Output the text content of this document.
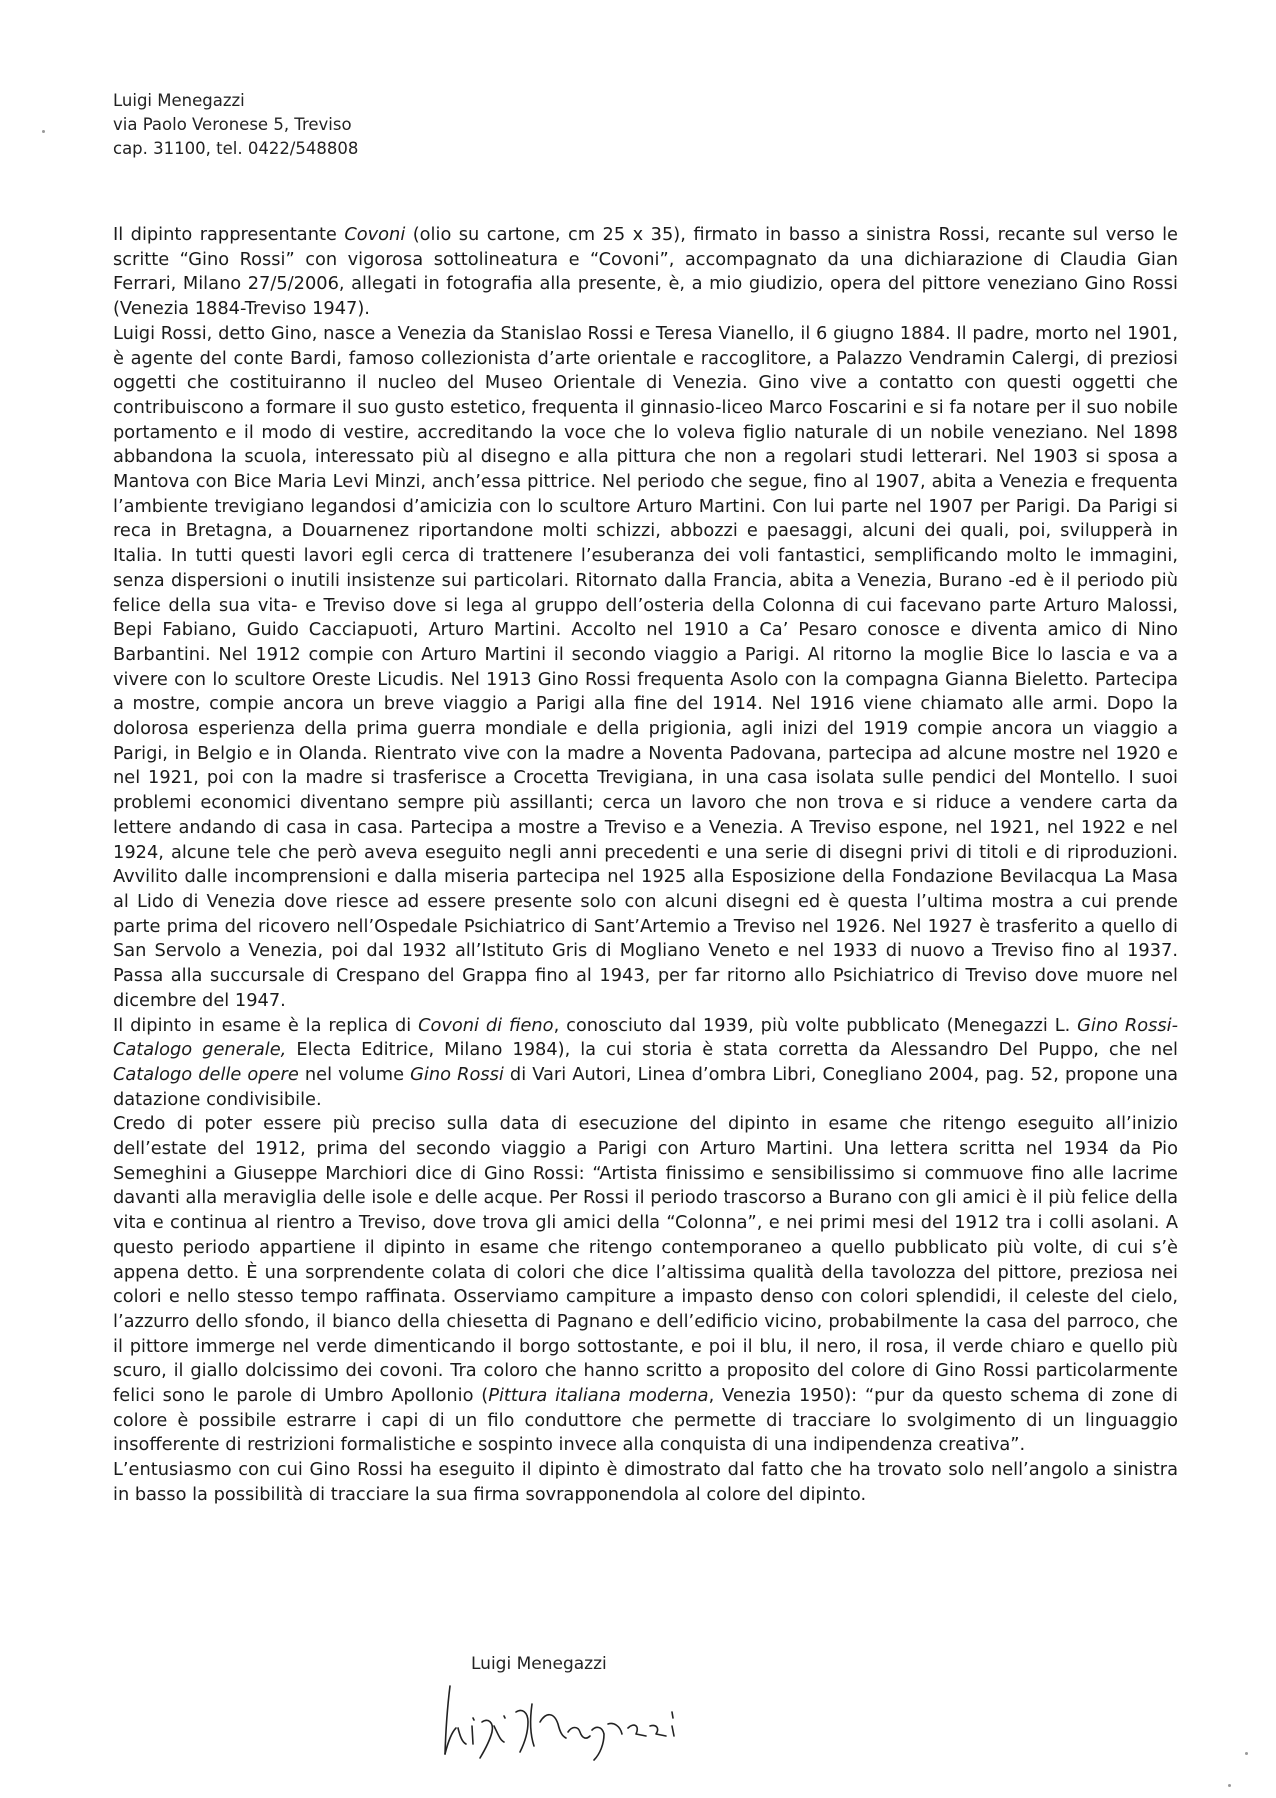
Luigi Menegazzi
via Paolo Veronese 5, Treviso
cap. 31100, tel. 0422/548808

Il dipinto rappresentante Covoni (olio su cartone, cm 25 x 35), firmato in basso a sinistra Rossi, recante sul verso le scritte “Gino Rossi” con vigorosa sottolineatura e “Covoni”, accompagnato da una dichiarazione di Claudia Gian Ferrari, Milano 27/5/2006, allegati in fotografia alla presente, è, a mio giudizio, opera del pittore veneziano Gino Rossi (Venezia 1884-Treviso 1947).

Luigi Rossi, detto Gino, nasce a Venezia da Stanislao Rossi e Teresa Vianello, il 6 giugno 1884. Il padre, morto nel 1901, è agente del conte Bardi, famoso collezionista d’arte orientale e raccoglitore, a Palazzo Vendramin Calergi, di preziosi oggetti che costituiranno il nucleo del Museo Orientale di Venezia. Gino vive a contatto con questi oggetti che contribuiscono a formare il suo gusto estetico, frequenta il ginnasio-liceo Marco Foscarini e si fa notare per il suo nobile portamento e il modo di vestire, accreditando la voce che lo voleva figlio naturale di un nobile veneziano. Nel 1898 abbandona la scuola, interessato più al disegno e alla pittura che non a regolari studi letterari. Nel 1903 si sposa a Mantova con Bice Maria Levi Minzi, anch’essa pittrice. Nel periodo che segue, fino al 1907, abita a Venezia e frequenta l’ambiente trevigiano legandosi d’amicizia con lo scultore Arturo Martini. Con lui parte nel 1907 per Parigi. Da Parigi si reca in Bretagna, a Douarnenez riportandone molti schizzi, abbozzi e paesaggi, alcuni dei quali, poi, svilupperà in Italia. In tutti questi lavori egli cerca di trattenere l’esuberanza dei voli fantastici, semplificando molto le immagini, senza dispersioni o inutili insistenze sui particolari. Ritornato dalla Francia, abita a Venezia, Burano -ed è il periodo più felice della sua vita- e Treviso dove si lega al gruppo dell’osteria della Colonna di cui facevano parte Arturo Malossi, Bepi Fabiano, Guido Cacciapuoti, Arturo Martini. Accolto nel 1910 a Ca’ Pesaro conosce e diventa amico di Nino Barbantini. Nel 1912 compie con Arturo Martini il secondo viaggio a Parigi. Al ritorno la moglie Bice lo lascia e va a vivere con lo scultore Oreste Licudis. Nel 1913 Gino Rossi frequenta Asolo con la compagna Gianna Bieletto. Partecipa a mostre, compie ancora un breve viaggio a Parigi alla fine del 1914. Nel 1916 viene chiamato alle armi. Dopo la dolorosa esperienza della prima guerra mondiale e della prigionia, agli inizi del 1919 compie ancora un viaggio a Parigi, in Belgio e in Olanda. Rientrato vive con la madre a Noventa Padovana, partecipa ad alcune mostre nel 1920 e nel 1921, poi con la madre si trasferisce a Crocetta Trevigiana, in una casa isolata sulle pendici del Montello. I suoi problemi economici diventano sempre più assillanti; cerca un lavoro che non trova e si riduce a vendere carta da lettere andando di casa in casa. Partecipa a mostre a Treviso e a Venezia. A Treviso espone, nel 1921, nel 1922 e nel 1924, alcune tele che però aveva eseguito negli anni precedenti e una serie di disegni privi di titoli e di riproduzioni. Avvilito dalle incomprensioni e dalla miseria partecipa nel 1925 alla Esposizione della Fondazione Bevilacqua La Masa al Lido di Venezia dove riesce ad essere presente solo con alcuni disegni ed è questa l’ultima mostra a cui prende parte prima del ricovero nell’Ospedale Psichiatrico di Sant’Artemio a Treviso nel 1926. Nel 1927 è trasferito a quello di San Servolo a Venezia, poi dal 1932 all’Istituto Gris di Mogliano Veneto e nel 1933 di nuovo a Treviso fino al 1937. Passa alla succursale di Crespano del Grappa fino al 1943, per far ritorno allo Psichiatrico di Treviso dove muore nel dicembre del 1947.

Il dipinto in esame è la replica di Covoni di fieno, conosciuto dal 1939, più volte pubblicato (Menegazzi L. Gino Rossi-Catalogo generale, Electa Editrice, Milano 1984), la cui storia è stata corretta da Alessandro Del Puppo, che nel Catalogo delle opere nel volume Gino Rossi di Vari Autori, Linea d’ombra Libri, Conegliano 2004, pag. 52, propone una datazione condivisibile.

Credo di poter essere più preciso sulla data di esecuzione del dipinto in esame che ritengo eseguito all’inizio dell’estate del 1912, prima del secondo viaggio a Parigi con Arturo Martini. Una lettera scritta nel 1934 da Pio Semeghini a Giuseppe Marchiori dice di Gino Rossi: “Artista finissimo e sensibilissimo si commuove fino alle lacrime davanti alla meraviglia delle isole e delle acque. Per Rossi il periodo trascorso a Burano con gli amici è il più felice della vita e continua al rientro a Treviso, dove trova gli amici della “Colonna”, e nei primi mesi del 1912 tra i colli asolani. A questo periodo appartiene il dipinto in esame che ritengo contemporaneo a quello pubblicato più volte, di cui s’è appena detto. È una sorprendente colata di colori che dice l’altissima qualità della tavolozza del pittore, preziosa nei colori e nello stesso tempo raffinata. Osserviamo campiture a impasto denso con colori splendidi, il celeste del cielo, l’azzurro dello sfondo, il bianco della chiesetta di Pagnano e dell’edificio vicino, probabilmente la casa del parroco, che il pittore immerge nel verde dimenticando il borgo sottostante, e poi il blu, il nero, il rosa, il verde chiaro e quello più scuro, il giallo dolcissimo dei covoni. Tra coloro che hanno scritto a proposito del colore di Gino Rossi particolarmente felici sono le parole di Umbro Apollonio (Pittura italiana moderna, Venezia 1950): “pur da questo schema di zone di colore è possibile estrarre i capi di un filo conduttore che permette di tracciare lo svolgimento di un linguaggio insofferente di restrizioni formalistiche e sospinto invece alla conquista di una indipendenza creativa”.

L’entusiasmo con cui Gino Rossi ha eseguito il dipinto è dimostrato dal fatto che ha trovato solo nell’angolo a sinistra in basso la possibilità di tracciare la sua firma sovrapponendola al colore del dipinto.

Luigi Menegazzi
